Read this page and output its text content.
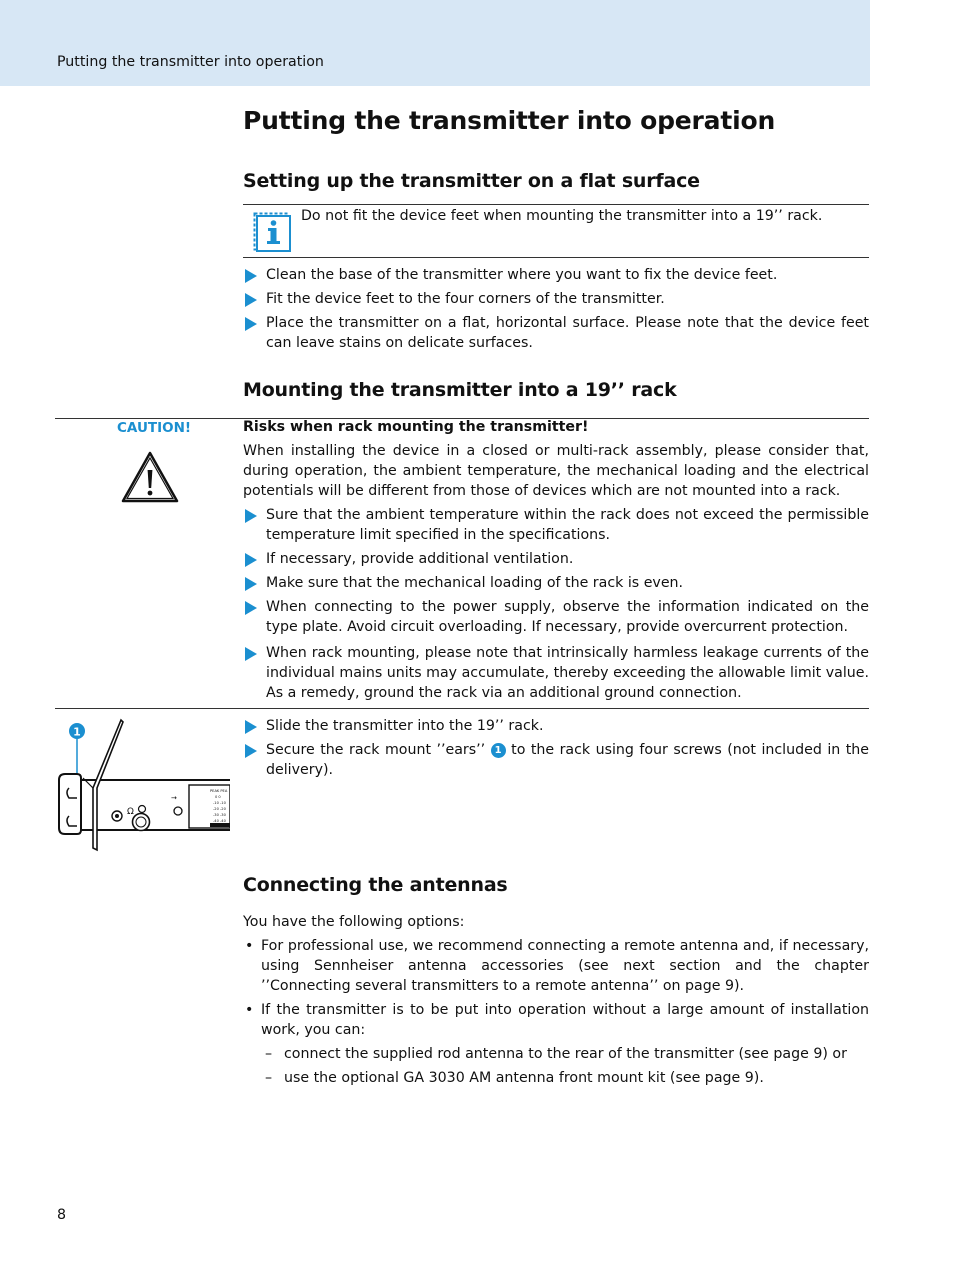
Putting the transmitter into operation
Putting the transmitter into operation
Setting up the transmitter on a flat surface
Do not fit the device feet when mounting the transmitter into a 19’’ rack.
Clean the base of the transmitter where you want to fix the device feet.
Fit the device feet to the four corners of the transmitter.
Place the transmitter on a flat, horizontal surface. Please note that the device feet can leave stains on delicate surfaces.
Mounting the transmitter into a 19’’ rack
CAUTION!	Risks when rack mounting the transmitter!
When installing the device in a closed or multi-rack assembly, please consider that, during operation, the ambient temperature, the mechanical loading and the electrical potentials will be different from those of devices which are not mounted into a rack.
Sure that the ambient temperature within the rack does not exceed the permissible temperature limit specified in the specifications.
If necessary, provide additional ventilation.
Make sure that the mechanical loading of the rack is even.
When connecting to the power supply, observe the information indicated on the type plate. Avoid circuit overloading. If necessary, provide overcurrent protection.
When rack mounting, please note that intrinsically harmless leakage currents of the individual mains units may accumulate, thereby exceeding the allowable limit value. As a remedy, ground the rack via an additional ground connection.
1
Ω
→
PEAK PEA
0 0
-10 -10
-20 -20
-30 -30
-40 -40
Slide the transmitter into the 19’’ rack.
Secure the rack mount ’’ears’’ 1 to the rack using four screws (not included in the delivery).
Connecting the antennas
You have the following options:
• For professional use, we recommend connecting a remote antenna and, if necessary, using Sennheiser antenna accessories (see next section and the chapter ’’Connecting several transmitters to a remote antenna’’ on page 9).
• If the transmitter is to be put into operation without a large amount of installation work, you can:
– connect the supplied rod antenna to the rear of the transmitter (see page 9) or
– use the optional GA 3030 AM antenna front mount kit (see page 9).
8
